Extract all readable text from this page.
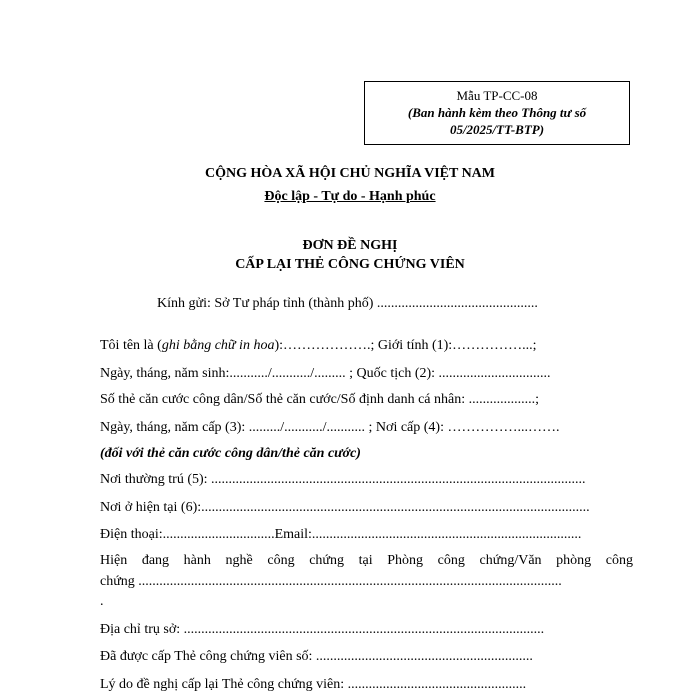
Mẫu TP-CC-08
(Ban hành kèm theo Thông tư số
05/2025/TT-BTP)
CỘNG HÒA XÃ HỘI CHỦ NGHĨA VIỆT NAM
Độc lập - Tự do - Hạnh phúc
ĐƠN ĐỀ NGHỊ
CẤP LẠI THẺ CÔNG CHỨNG VIÊN
Kính gửi: Sở Tư pháp tỉnh (thành phố) ..............................................
Tôi tên là (ghi bằng chữ in hoa):……………….; Giới tính (1):……………...;
Ngày, tháng, năm sinh:.........../.........../......... ; Quốc tịch (2): ................................
Số thẻ căn cước công dân/Số thẻ căn cước/Số định danh cá nhân: ...................;
Ngày, tháng, năm cấp (3): ........./.........../........... ; Nơi cấp (4): ……………...…….
(đối với thẻ căn cước công dân/thẻ căn cước)
Nơi thường trú (5): ...........................................................................................................
Nơi ở hiện tại (6):...............................................................................................................
Điện thoại:................................Email:.............................................................................
Hiện đang hành nghề công chứng tại Phòng công chứng/Văn phòng công
chứng .........................................................................................................................
.
Địa chỉ trụ sở: .......................................................................................................
Đã được cấp Thẻ công chứng viên số: ..............................................................
Lý do đề nghị cấp lại Thẻ công chứng viên: ...................................................
